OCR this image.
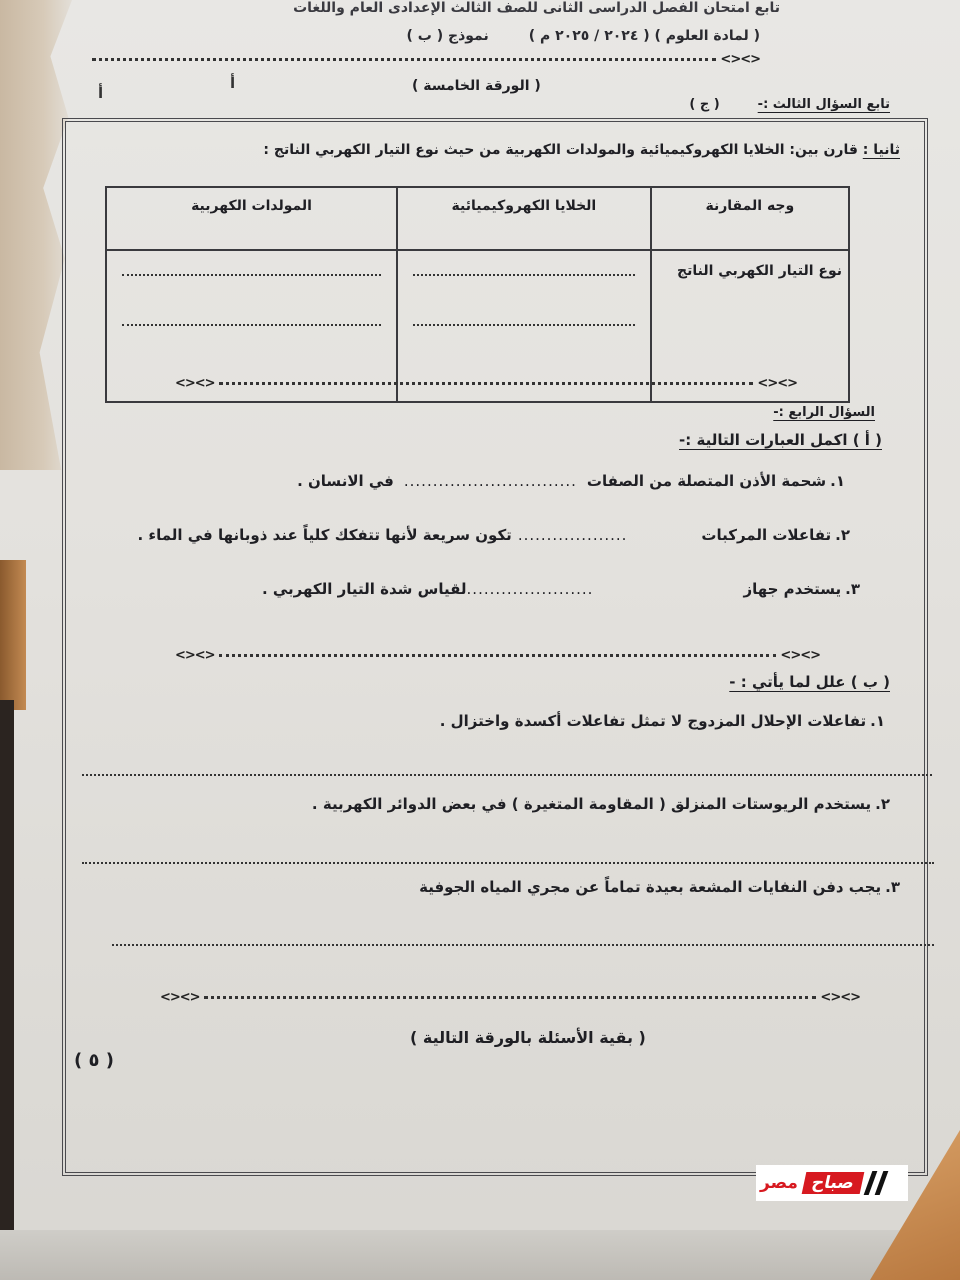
تابع امتحان الفصل الدراسى الثانى للصف الثالث الإعدادى العام واللغات
( لمادة العلوم ) ( ٢٠٢٤ / ٢٠٢٥ م )
نموذج ( ب )
<><>
( الورقة الخامسة )
أ
أ
تابع السؤال الثالث :-
( ج )
ثانيا : قارن بين: الخلايا الكهروكيميائية والمولدات الكهربية من حيث نوع التيار الكهربي الناتج :
وجه المقارنة	الخلايا الكهروكيميائية	المولدات الكهربية
نوع التيار الكهربي الناتج	

<><>	<><>
السؤال الرابع :-
( أ ) اكمل العبارات التالية :-
١.
شحمة الأذن المتصلة من الصفات
..............................
في الانسان .
٢.
تفاعلات المركبات
...................
تكون سريعة لأنها تتفكك كلياً عند ذوبانها في الماء .
٣.
يستخدم جهاز
......................
لقياس شدة التيار الكهربي .
<><>	<><>
( ب ) علل لما يأتي : -
١.
تفاعلات الإحلال المزدوج لا تمثل تفاعلات أكسدة واختزال .
٢.
يستخدم الريوستات المنزلق ( المقاومة المتغيرة ) في بعض الدوائر الكهربية .
٣.
يجب دفن النفايات المشعة بعيدة تماماً عن مجري المياه الجوفية
<><>	<><>
( بقية الأسئلة بالورقة التالية )
( ٥ )
مصر صباح
